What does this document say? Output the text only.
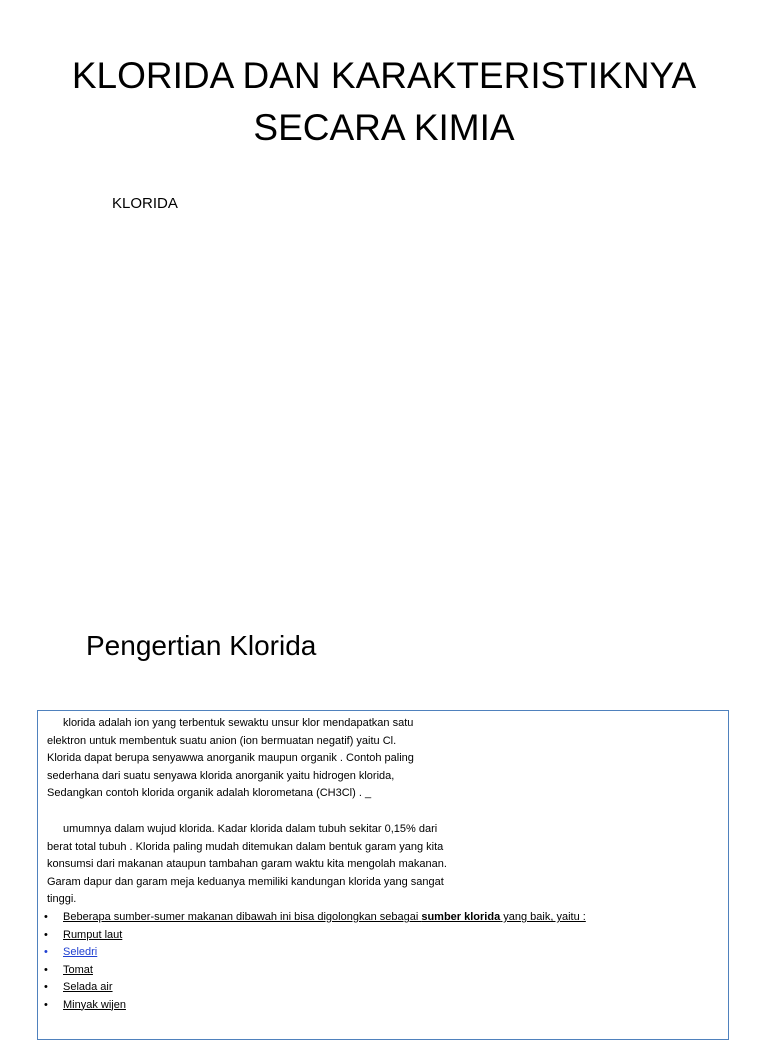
KLORIDA DAN KARAKTERISTIKNYA
SECARA KIMIA
KLORIDA
Pengertian Klorida
klorida adalah ion yang terbentuk sewaktu unsur klor mendapatkan satu
elektron untuk membentuk suatu anion (ion bermuatan negatif) yaitu Cl.
Klorida dapat berupa senyawwa anorganik maupun organik . Contoh paling
sederhana dari suatu senyawa klorida anorganik yaitu hidrogen klorida,
Sedangkan contoh klorida organik adalah klorometana (CH3Cl) . _
umumnya dalam wujud klorida. Kadar klorida dalam tubuh sekitar 0,15% dari
berat total tubuh . Klorida paling mudah ditemukan dalam bentuk garam yang kita
konsumsi dari makanan ataupun tambahan garam waktu kita mengolah makanan.
Garam dapur dan garam meja keduanya memiliki kandungan klorida yang sangat
tinggi.
• Beberapa sumber-sumer makanan dibawah ini bisa digolongkan sebagai sumber klorida yang baik, yaitu :
• Rumput laut
• Seledri
• Tomat
• Selada air
• Minyak wijen
